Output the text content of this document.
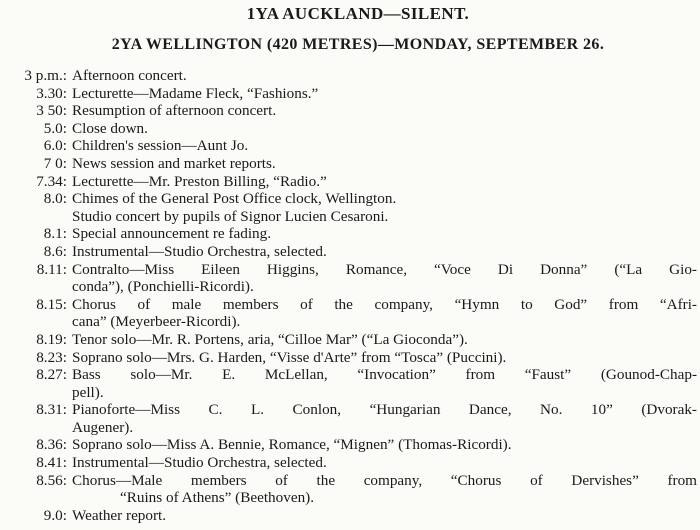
1YA AUCKLAND—SILENT.
2YA WELLINGTON (420 METRES)—MONDAY, SEPTEMBER 26.
3 p.m.: Afternoon concert.
3.30: Lecturette—Madame Fleck, “Fashions.”
3 50: Resumption of afternoon concert.
5.0: Close down.
6.0: Children's session—Aunt Jo.
7 0: News session and market reports.
7.34: Lecturette—Mr. Preston Billing, “Radio.”
8.0: Chimes of the General Post Office clock, Wellington.
Studio concert by pupils of Signor Lucien Cesaroni.
8.1: Special announcement re fading.
8.6: Instrumental—Studio Orchestra, selected.
8.11: Contralto—Miss Eileen Higgins, Romance, “Voce Di Donna” (“La Gio-
conda”), (Ponchielli-Ricordi).
8.15: Chorus of male members of the company, “Hymn to God” from “Afri-
cana” (Meyerbeer-Ricordi).
8.19: Tenor solo—Mr. R. Portens, aria, “Cilloe Mar” (“La Gioconda”).
8.23: Soprano solo—Mrs. G. Harden, “Visse d'Arte” from “Tosca” (Puccini).
8.27: Bass solo—Mr. E. McLellan, “Invocation” from “Faust” (Gounod-Chap-
pell).
8.31: Pianoforte—Miss C. L. Conlon, “Hungarian Dance, No. 10” (Dvorak-
Augener).
8.36: Soprano solo—Miss A. Bennie, Romance, “Mignen” (Thomas-Ricordi).
8.41: Instrumental—Studio Orchestra, selected.
8.56: Chorus—Male members of the company, “Chorus of Dervishes” from
“Ruins of Athens” (Beethoven).
9.0: Weather report.
